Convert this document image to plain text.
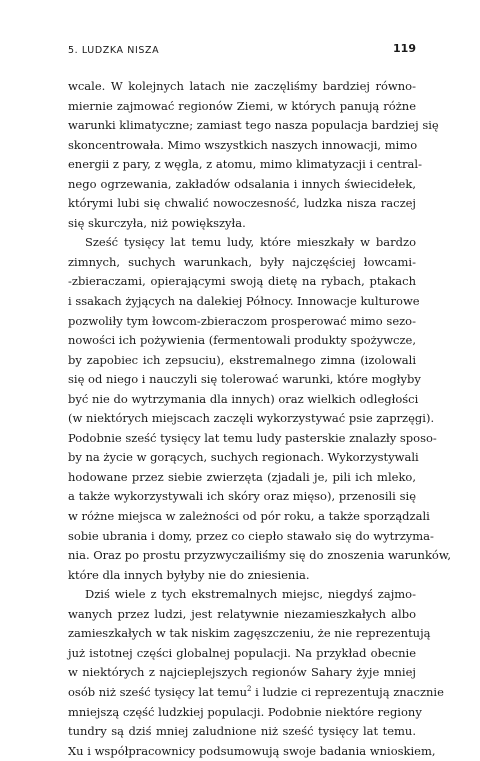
5. LUDZKA NISZA	119
wcale. W kolejnych latach nie zaczęliśmy bardziej równo-
miernie zajmować regionów Ziemi, w których panują różne
warunki klimatyczne; zamiast tego nasza populacja bardziej się
skoncentrowała. Mimo wszystkich naszych innowacji, mimo
energii z pary, z węgla, z atomu, mimo klimatyzacji i central-
nego ogrzewania, zakładów odsalania i innych świecidełek,
którymi lubi się chwalić nowoczesność, ludzka nisza raczej
się skurczyła, niż powiększyła.
Sześć tysięcy lat temu ludy, które mieszkały w bardzo
zimnych, suchych warunkach, były najczęściej łowcami-
-zbieraczami, opierającymi swoją dietę na rybach, ptakach
i ssakach żyjących na dalekiej Północy. Innowacje kulturowe
pozwoliły tym łowcom-zbieraczom prosperować mimo sezo-
nowości ich pożywienia (fermentowali produkty spożywcze,
by zapobiec ich zepsuciu), ekstremalnego zimna (izolowali
się od niego i nauczyli się tolerować warunki, które mogłyby
być nie do wytrzymania dla innych) oraz wielkich odległości
(w niektórych miejscach zaczęli wykorzystywać psie zaprzęgi).
Podobnie sześć tysięcy lat temu ludy pasterskie znalazły sposo-
by na życie w gorących, suchych regionach. Wykorzystywali
hodowane przez siebie zwierzęta (zjadali je, pili ich mleko,
a także wykorzystywali ich skóry oraz mięso), przenosili się
w różne miejsca w zależności od pór roku, a także sporządzali
sobie ubrania i domy, przez co ciepło stawało się do wytrzyma-
nia. Oraz po prostu przyzwyczailiśmy się do znoszenia warunków,
które dla innych byłyby nie do zniesienia.
Dziś wiele z tych ekstremalnych miejsc, niegdyś zajmo-
wanych przez ludzi, jest relatywnie niezamieszkałych albo
zamieszkałych w tak niskim zagęszczeniu, że nie reprezentują
już istotnej części globalnej populacji. Na przykład obecnie
w niektórych z najcieplejszych regionów Sahary żyje mniej
osób niż sześć tysięcy lat temu$^2$ i ludzie ci reprezentują znacznie
mniejszą część ludzkiej populacji. Podobnie niektóre regiony
tundry są dziś mniej zaludnione niż sześć tysięcy lat temu.
Xu i współpracownicy podsumowują swoje badania wnioskiem,
